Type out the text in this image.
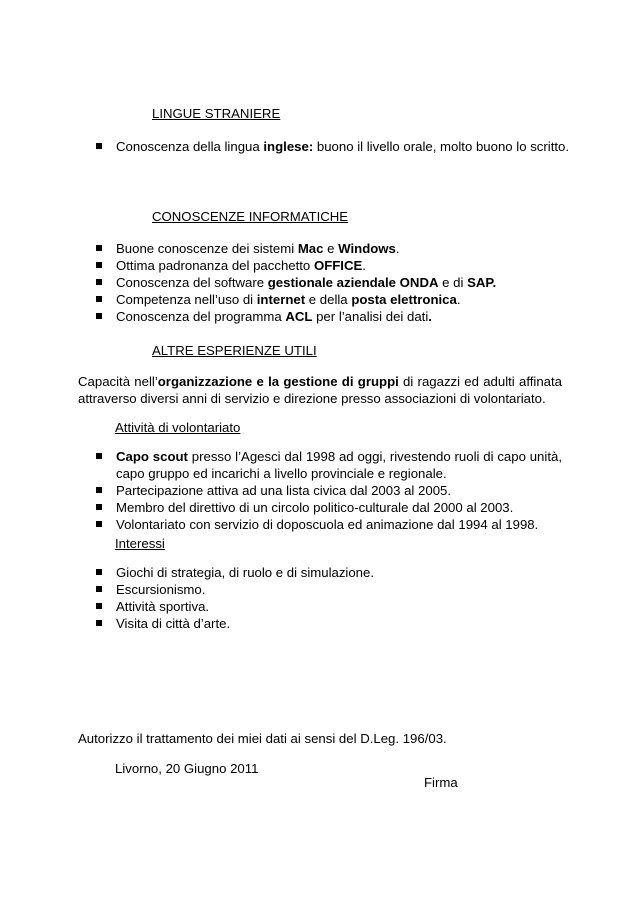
LINGUE STRANIERE
Conoscenza della lingua inglese: buono il livello orale, molto buono lo scritto.
CONOSCENZE INFORMATICHE
Buone conoscenze dei sistemi Mac e Windows.
Ottima padronanza del pacchetto OFFICE.
Conoscenza del software gestionale aziendale ONDA e di SAP.
Competenza nell’uso di internet e della posta elettronica.
Conoscenza del programma ACL per l’analisi dei dati.
ALTRE ESPERIENZE UTILI
Capacità nell’organizzazione e la gestione di gruppi di ragazzi ed adulti affinata attraverso diversi anni di servizio e direzione presso associazioni di volontariato.
Attività di volontariato
Capo scout presso l’Agesci dal 1998 ad oggi, rivestendo ruoli di capo unità, capo gruppo ed incarichi a livello provinciale e regionale.
Partecipazione attiva ad una lista civica dal 2003 al 2005.
Membro del direttivo di un circolo politico-culturale dal 2000 al 2003.
Volontariato con servizio di doposcuola ed animazione dal 1994 al 1998.
Interessi
Giochi di strategia, di ruolo e di simulazione.
Escursionismo.
Attività sportiva.
Visita di città d’arte.
Autorizzo il trattamento dei miei dati ai sensi del D.Leg. 196/03.
Livorno, 20 Giugno 2011
Firma
